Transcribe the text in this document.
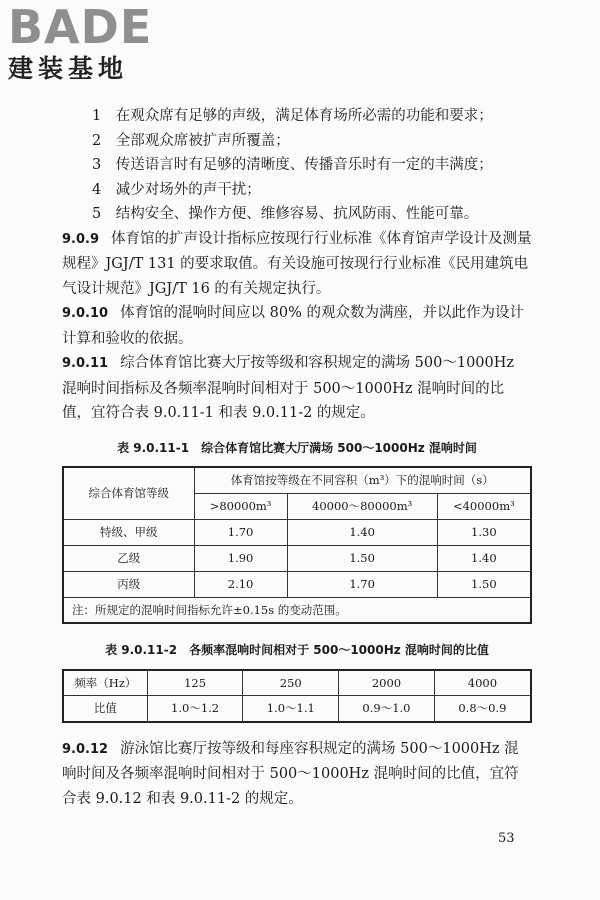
BADE
建装基地

1　在观众席有足够的声级，满足体育场所必需的功能和要求；

2　全部观众席被扩声所覆盖；

3　传送语言时有足够的清晰度、传播音乐时有一定的丰满度；

4　减少对场外的声干扰；

5　结构安全、操作方便、维修容易、抗风防雨、性能可靠。

9.0.9 体育馆的扩声设计指标应按现行行业标准《体育馆声学设计及测量规程》JGJ/T 131 的要求取值。有关设施可按现行行业标准《民用建筑电气设计规范》JGJ/T 16 的有关规定执行。

9.0.10 体育馆的混响时间应以 80% 的观众数为满座，并以此作为设计计算和验收的依据。

9.0.11 综合体育馆比赛大厅按等级和容积规定的满场 500～1000Hz 混响时间指标及各频率混响时间相对于 500～1000Hz 混响时间的比值，宜符合表 9.0.11-1 和表 9.0.11-2 的规定。

表 9.0.11-1　综合体育馆比赛大厅满场 500～1000Hz 混响时间
综合体育馆等级	体育馆按等级在不同容积（m³）下的混响时间（s）		
	>80000m³	40000～80000m³	<40000m³
特级、甲级	1.70	1.40	1.30
乙级	1.90	1.50	1.40
丙级	2.10	1.70	1.50
注：所规定的混响时间指标允许±0.15s 的变动范围。			
表 9.0.11-2　各频率混响时间相对于 500～1000Hz 混响时间的比值
频率（Hz）	125	250	2000	4000
比值	1.0～1.2	1.0～1.1	0.9～1.0	0.8～0.9

9.0.12 游泳馆比赛厅按等级和每座容积规定的满场 500～1000Hz 混响时间及各频率混响时间相对于 500～1000Hz 混响时间的比值，宜符合表 9.0.12 和表 9.0.11-2 的规定。

53
